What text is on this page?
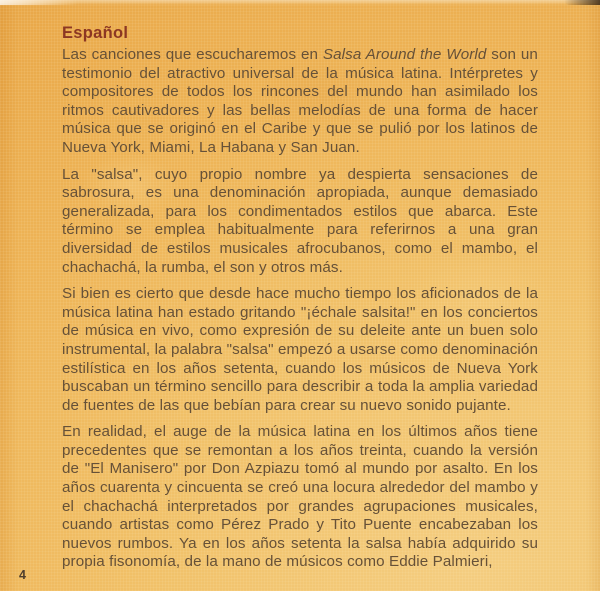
Español

Las canciones que escucharemos en Salsa Around the World son un testimonio del atractivo universal de la música latina. Intérpretes y compositores de todos los rincones del mundo han asimilado los ritmos cautivadores y las bellas melodías de una forma de hacer música que se originó en el Caribe y que se pulió por los latinos de Nueva York, Miami, La Habana y San Juan.

La "salsa", cuyo propio nombre ya despierta sensaciones de sabrosura, es una denominación apropiada, aunque demasiado generalizada, para los condimentados estilos que abarca. Este término se emplea habitualmente para referirnos a una gran diversidad de estilos musicales afrocubanos, como el mambo, el chachachá, la rumba, el son y otros más.

Si bien es cierto que desde hace mucho tiempo los aficionados de la música latina han estado gritando "¡échale salsita!" en los conciertos de música en vivo, como expresión de su deleite ante un buen solo instrumental, la palabra "salsa" empezó a usarse como denominación estilística en los años setenta, cuando los músicos de Nueva York buscaban un término sencillo para describir a toda la amplia variedad de fuentes de las que bebían para crear su nuevo sonido pujante.

En realidad, el auge de la música latina en los últimos años tiene precedentes que se remontan a los años treinta, cuando la versión de "El Manisero" por Don Azpiazu tomó al mundo por asalto. En los años cuarenta y cincuenta se creó una locura alrededor del mambo y el chachachá interpretados por grandes agrupaciones musicales, cuando artistas como Pérez Prado y Tito Puente encabezaban los nuevos rumbos. Ya en los años setenta la salsa había adquirido su propia fisonomía, de la mano de músicos como Eddie Palmieri,

4
